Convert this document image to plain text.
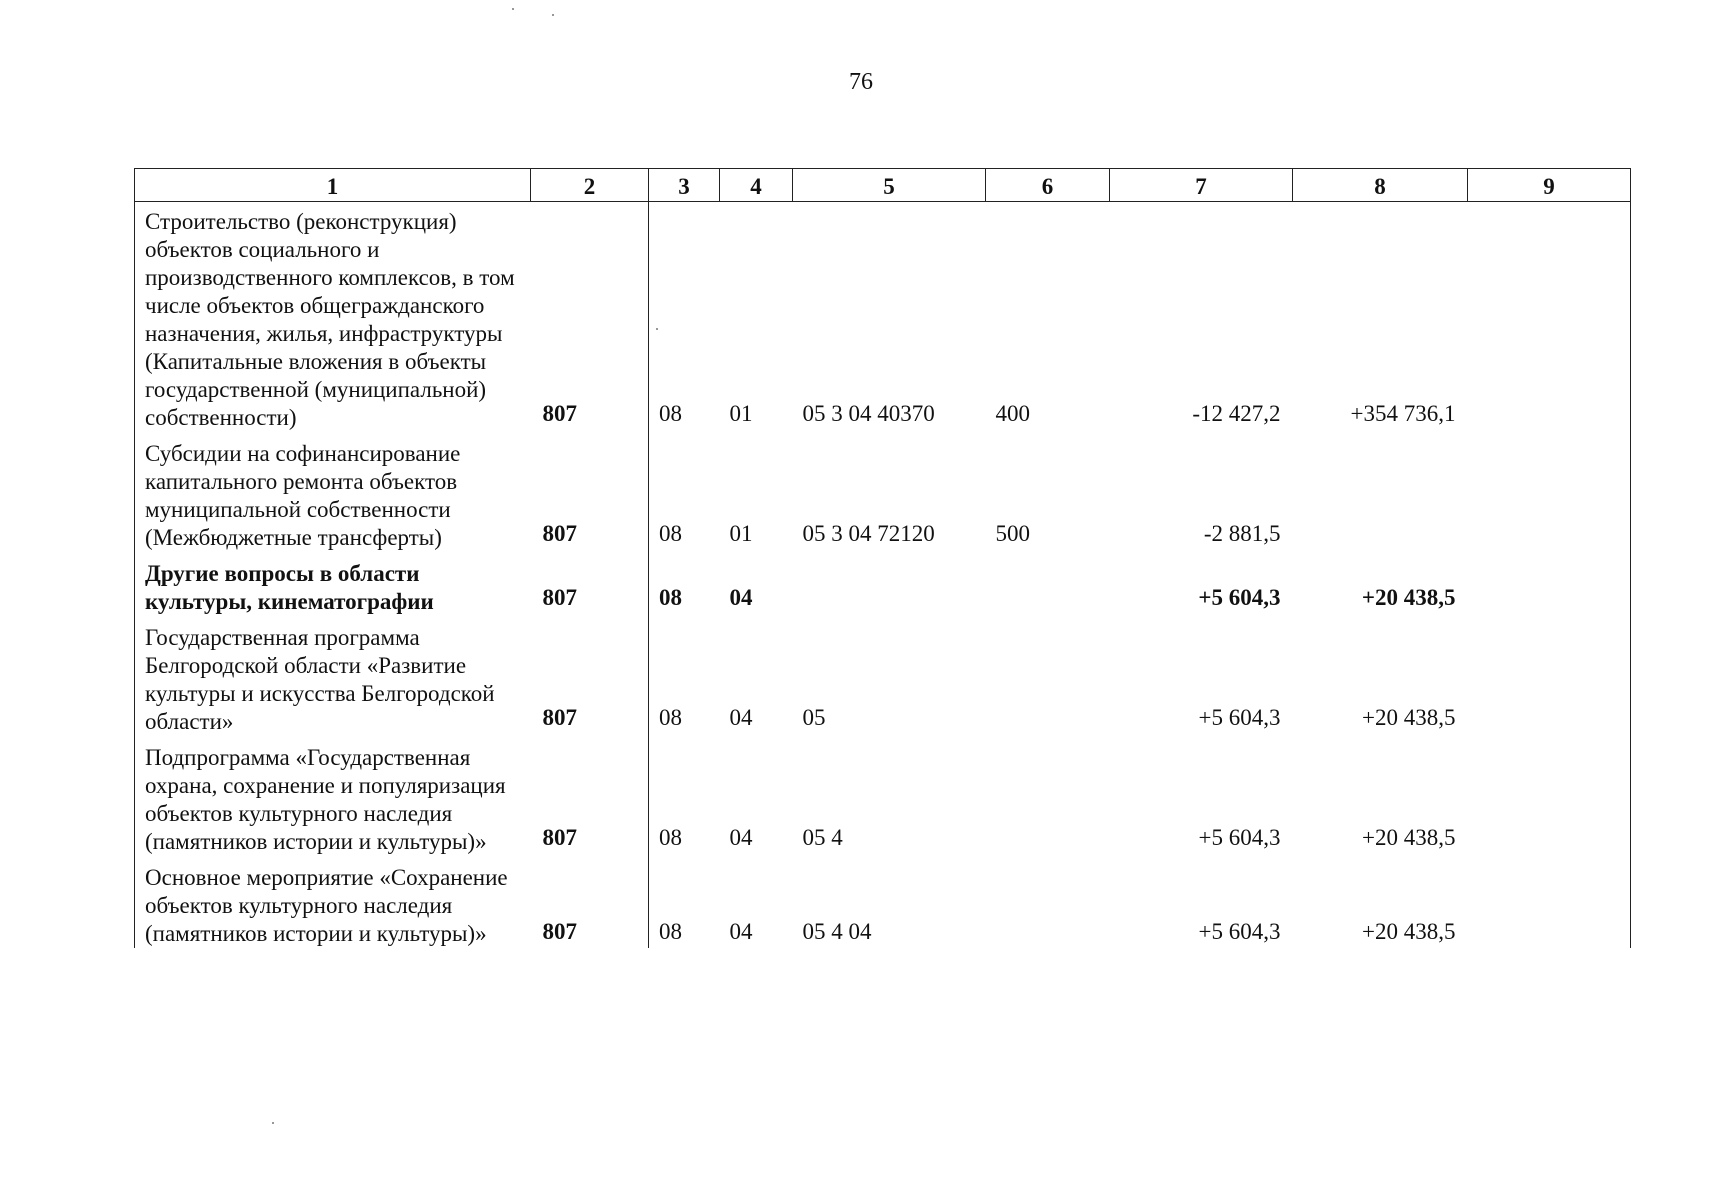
76
1	2	3	4	5	6	7	8	9
Строительство (реконструкция) объектов социального и производственного комплексов, в том числе объектов общегражданского назначения, жилья, инфраструктуры (Капитальные вложения в объекты государственной (муниципальной) собственности)	807	08	01	05 3 04 40370	400	-12 427,2	+354 736,1	
Субсидии на софинансирование капитального ремонта объектов муниципальной собственности (Межбюджетные трансферты)	807	08	01	05 3 04 72120	500	-2 881,5		
Другие вопросы в области культуры, кинематографии	807	08	04			+5 604,3	+20 438,5	
Государственная программа Белгородской области «Развитие культуры и искусства Белгородской области»	807	08	04	05		+5 604,3	+20 438,5	
Подпрограмма «Государственная охрана, сохранение и популяризация объектов культурного наследия (памятников истории и культуры)»	807	08	04	05 4		+5 604,3	+20 438,5	
Основное мероприятие «Сохранение объектов культурного наследия (памятников истории и культуры)»	807	08	04	05 4 04		+5 604,3	+20 438,5	
